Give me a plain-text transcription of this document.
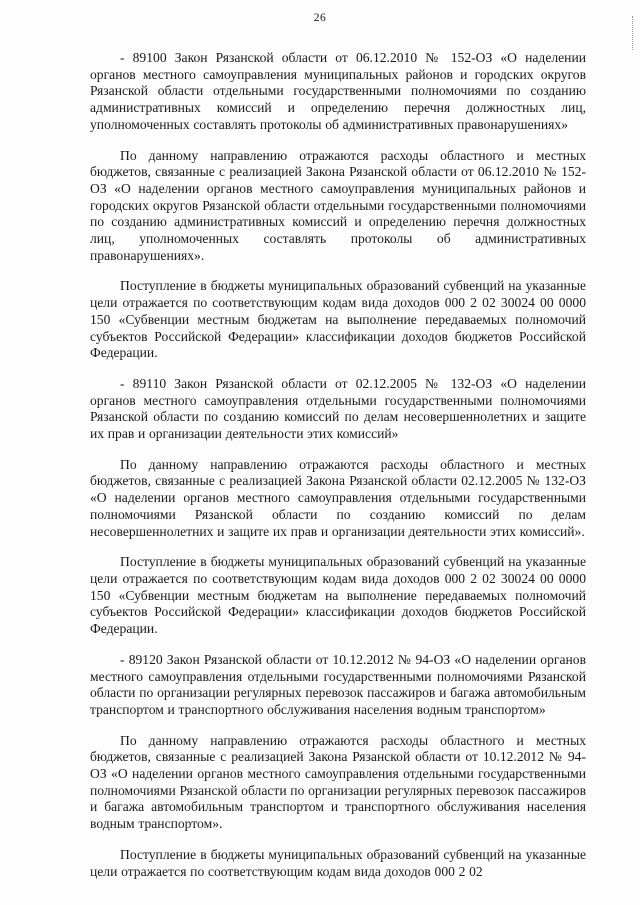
26

- 89100 Закон Рязанской области от 06.12.2010 № 152-ОЗ «О наделении органов местного самоуправления муниципальных районов и городских округов Рязанской области отдельными государственными полномочиями по созданию административных комиссий и определению перечня должностных лиц, уполномоченных составлять протоколы об административных правонарушениях»

По данному направлению отражаются расходы областного и местных бюджетов, связанные с реализацией Закона Рязанской области от 06.12.2010 № 152-ОЗ «О наделении органов местного самоуправления муниципальных районов и городских округов Рязанской области отдельными государственными полномочиями по созданию административных комиссий и определению перечня должностных лиц, уполномоченных составлять протоколы об административных правонарушениях».

Поступление в бюджеты муниципальных образований субвенций на указанные цели отражается по соответствующим кодам вида доходов 000 2 02 30024 00 0000 150 «Субвенции местным бюджетам на выполнение передаваемых полномочий субъектов Российской Федерации» классификации доходов бюджетов Российской Федерации.

- 89110 Закон Рязанской области от 02.12.2005 № 132-ОЗ «О наделении органов местного самоуправления отдельными государственными полномочиями Рязанской области по созданию комиссий по делам несовершеннолетних и защите их прав и организации деятельности этих комиссий»

По данному направлению отражаются расходы областного и местных бюджетов, связанные с реализацией Закона Рязанской области 02.12.2005 № 132-ОЗ «О наделении органов местного самоуправления отдельными государственными полномочиями Рязанской области по созданию комиссий по делам несовершеннолетних и защите их прав и организации деятельности этих комиссий».

Поступление в бюджеты муниципальных образований субвенций на указанные цели отражается по соответствующим кодам вида доходов 000 2 02 30024 00 0000 150 «Субвенции местным бюджетам на выполнение передаваемых полномочий субъектов Российской Федерации» классификации доходов бюджетов Российской Федерации.

- 89120 Закон Рязанской области от 10.12.2012 № 94-ОЗ «О наделении органов местного самоуправления отдельными государственными полномочиями Рязанской области по организации регулярных перевозок пассажиров и багажа автомобильным транспортом и транспортного обслуживания населения водным транспортом»

По данному направлению отражаются расходы областного и местных бюджетов, связанные с реализацией Закона Рязанской области от 10.12.2012 № 94-ОЗ «О наделении органов местного самоуправления отдельными государственными полномочиями Рязанской области по организации регулярных перевозок пассажиров и багажа автомобильным транспортом и транспортного обслуживания населения водным транспортом».

Поступление в бюджеты муниципальных образований субвенций на указанные цели отражается по соответствующим кодам вида доходов 000 2 02
